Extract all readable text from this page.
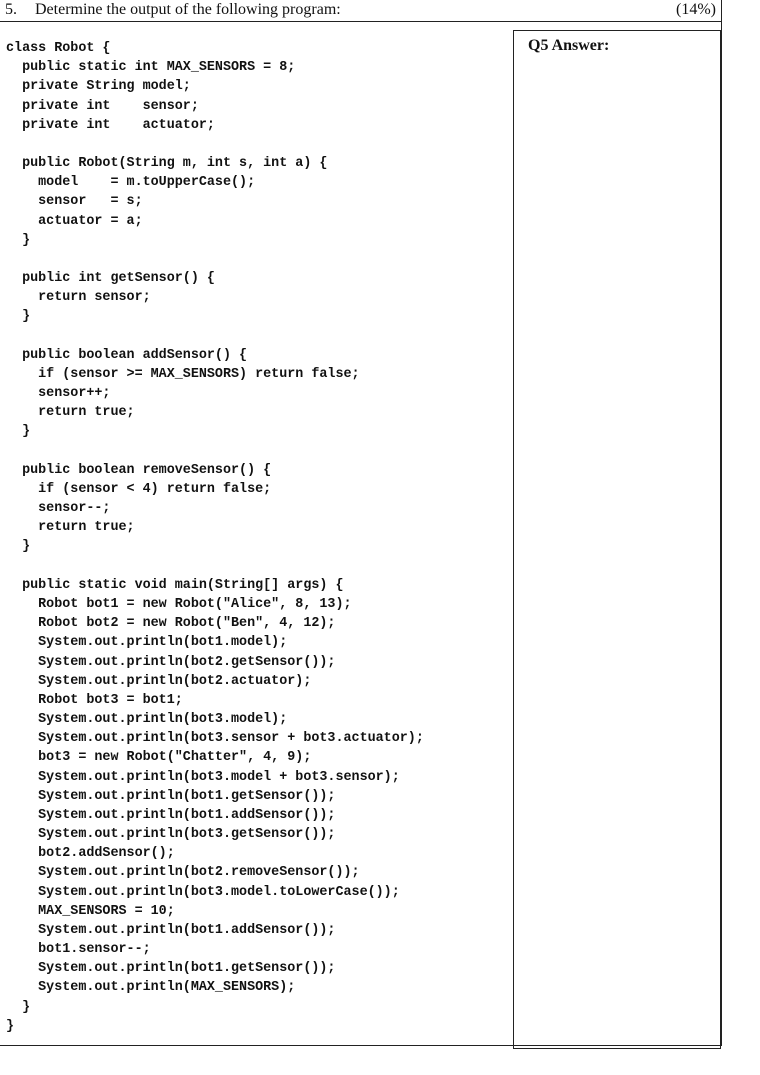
5. Determine the output of the following program:	(14%)
class Robot {
public static int MAX_SENSORS = 8;
private String model;
private int    sensor;
private int    actuator;
public Robot(String m, int s, int a) {
model    = m.toUpperCase();
sensor   = s;
actuator = a;
}
public int getSensor() {
return sensor;
}
public boolean addSensor() {
if (sensor >= MAX_SENSORS) return false;
sensor++;
return true;
}
public boolean removeSensor() {
if (sensor < 4) return false;
sensor--;
return true;
}
public static void main(String[] args) {
Robot bot1 = new Robot("Alice", 8, 13);
Robot bot2 = new Robot("Ben", 4, 12);
System.out.println(bot1.model);
System.out.println(bot2.getSensor());
System.out.println(bot2.actuator);
Robot bot3 = bot1;
System.out.println(bot3.model);
System.out.println(bot3.sensor + bot3.actuator);
bot3 = new Robot("Chatter", 4, 9);
System.out.println(bot3.model + bot3.sensor);
System.out.println(bot1.getSensor());
System.out.println(bot1.addSensor());
System.out.println(bot3.getSensor());
bot2.addSensor();
System.out.println(bot2.removeSensor());
System.out.println(bot3.model.toLowerCase());
MAX_SENSORS = 10;
System.out.println(bot1.addSensor());
bot1.sensor--;
System.out.println(bot1.getSensor());
System.out.println(MAX_SENSORS);
}
}
Q5 Answer:
